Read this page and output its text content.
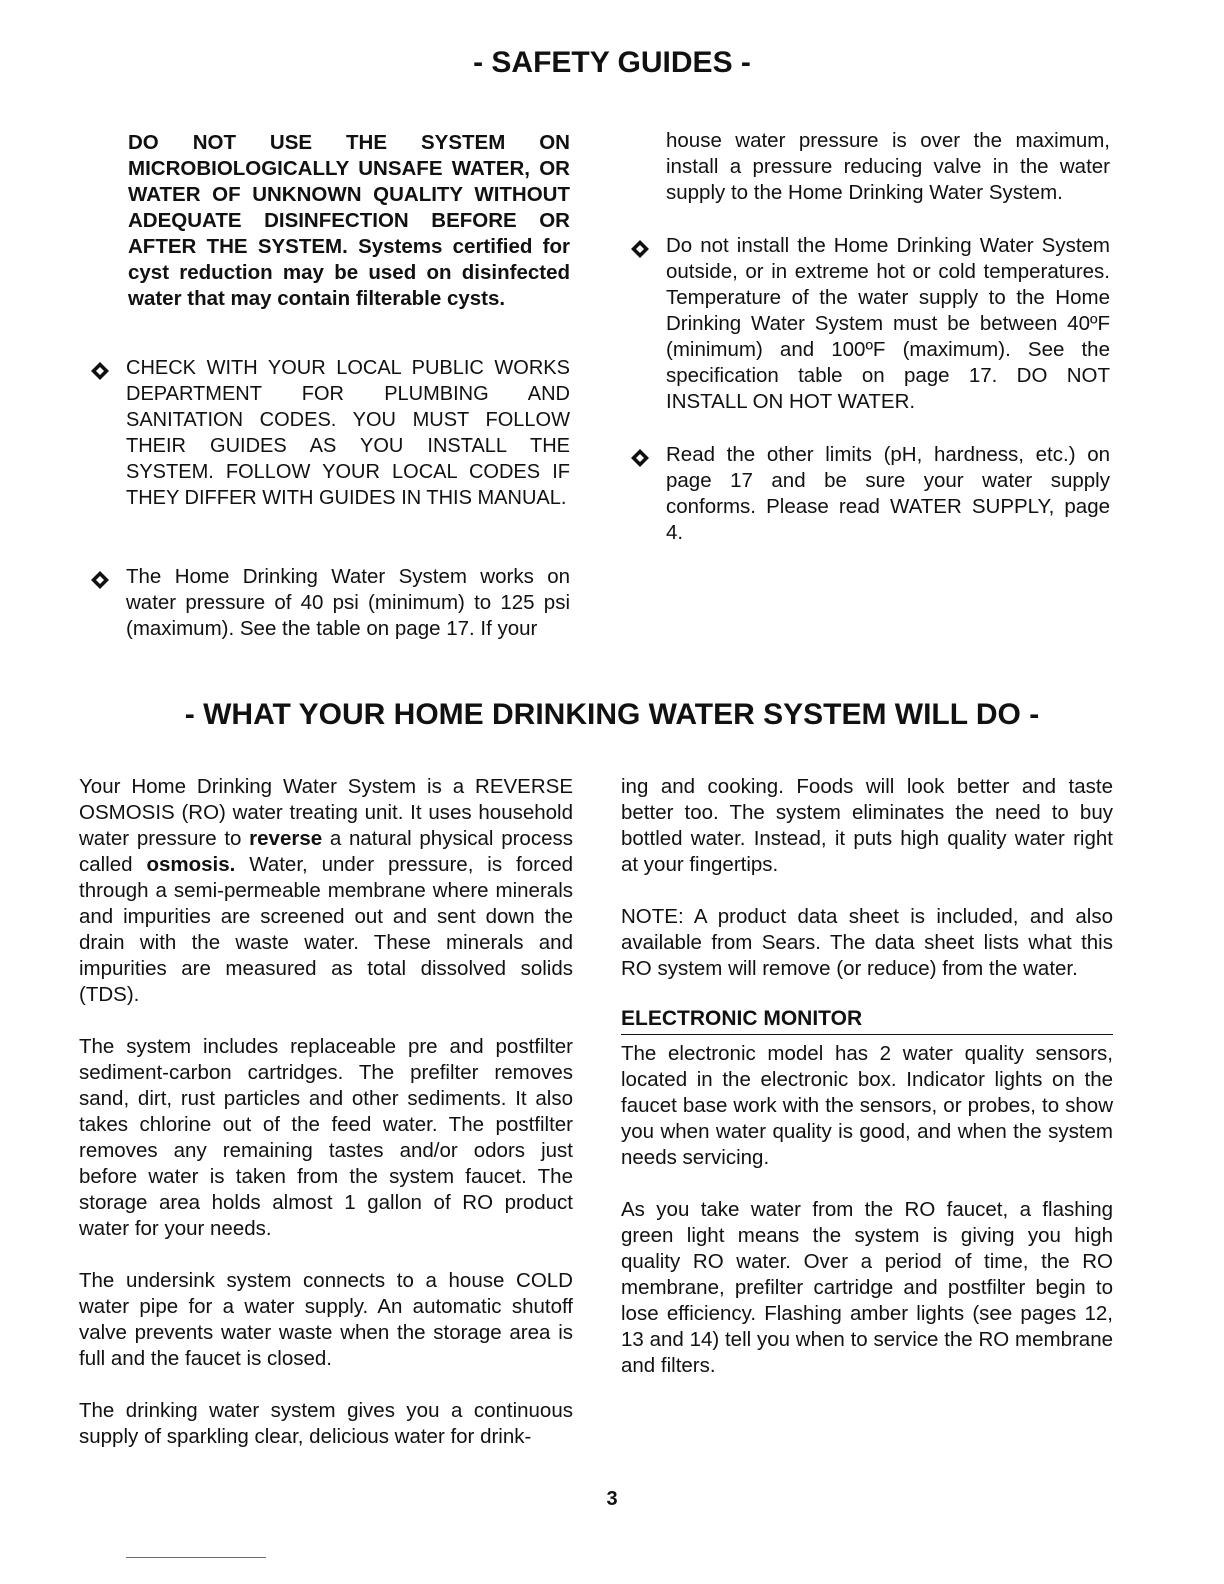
- SAFETY GUIDES -

DO NOT USE THE SYSTEM ON MICROBIOLOGICALLY UNSAFE WATER, OR WATER OF UNKNOWN QUALITY WITHOUT ADEQUATE DISINFECTION BEFORE OR AFTER THE SYSTEM. Systems certified for cyst reduction may be used on disinfected water that may contain filterable cysts.

CHECK WITH YOUR LOCAL PUBLIC WORKS DEPARTMENT FOR PLUMBING AND SANITATION CODES. YOU MUST FOLLOW THEIR GUIDES AS YOU INSTALL THE SYSTEM. FOLLOW YOUR LOCAL CODES IF THEY DIFFER WITH GUIDES IN THIS MANUAL.

The Home Drinking Water System works on water pressure of 40 psi (minimum) to 125 psi (maximum). See the table on page 17. If your

house water pressure is over the maximum, install a pressure reducing valve in the water supply to the Home Drinking Water System.

Do not install the Home Drinking Water System outside, or in extreme hot or cold temperatures. Temperature of the water supply to the Home Drinking Water System must be between 40ºF (minimum) and 100ºF (maximum). See the specification table on page 17. DO NOT INSTALL ON HOT WATER.

Read the other limits (pH, hardness, etc.) on page 17 and be sure your water supply conforms. Please read WATER SUPPLY, page 4.

- WHAT YOUR HOME DRINKING WATER SYSTEM WILL DO -

Your Home Drinking Water System is a REVERSE OSMOSIS (RO) water treating unit. It uses household water pressure to reverse a natural physical process called osmosis. Water, under pressure, is forced through a semi-permeable membrane where minerals and impurities are screened out and sent down the drain with the waste water. These minerals and impurities are measured as total dissolved solids (TDS).

The system includes replaceable pre and postfilter sediment-carbon cartridges. The prefilter removes sand, dirt, rust particles and other sediments. It also takes chlorine out of the feed water. The postfilter removes any remaining tastes and/or odors just before water is taken from the system faucet. The storage area holds almost 1 gallon of RO product water for your needs.

The undersink system connects to a house COLD water pipe for a water supply. An automatic shutoff valve prevents water waste when the storage area is full and the faucet is closed.

The drinking water system gives you a continuous supply of sparkling clear, delicious water for drink-

ing and cooking. Foods will look better and taste better too. The system eliminates the need to buy bottled water. Instead, it puts high quality water right at your fingertips.

NOTE: A product data sheet is included, and also available from Sears. The data sheet lists what this RO system will remove (or reduce) from the water.

ELECTRONIC MONITOR

The electronic model has 2 water quality sensors, located in the electronic box. Indicator lights on the faucet base work with the sensors, or probes, to show you when water quality is good, and when the system needs servicing.

As you take water from the RO faucet, a flashing green light means the system is giving you high quality RO water. Over a period of time, the RO membrane, prefilter cartridge and postfilter begin to lose efficiency. Flashing amber lights (see pages 12, 13 and 14) tell you when to service the RO membrane and filters.

3
